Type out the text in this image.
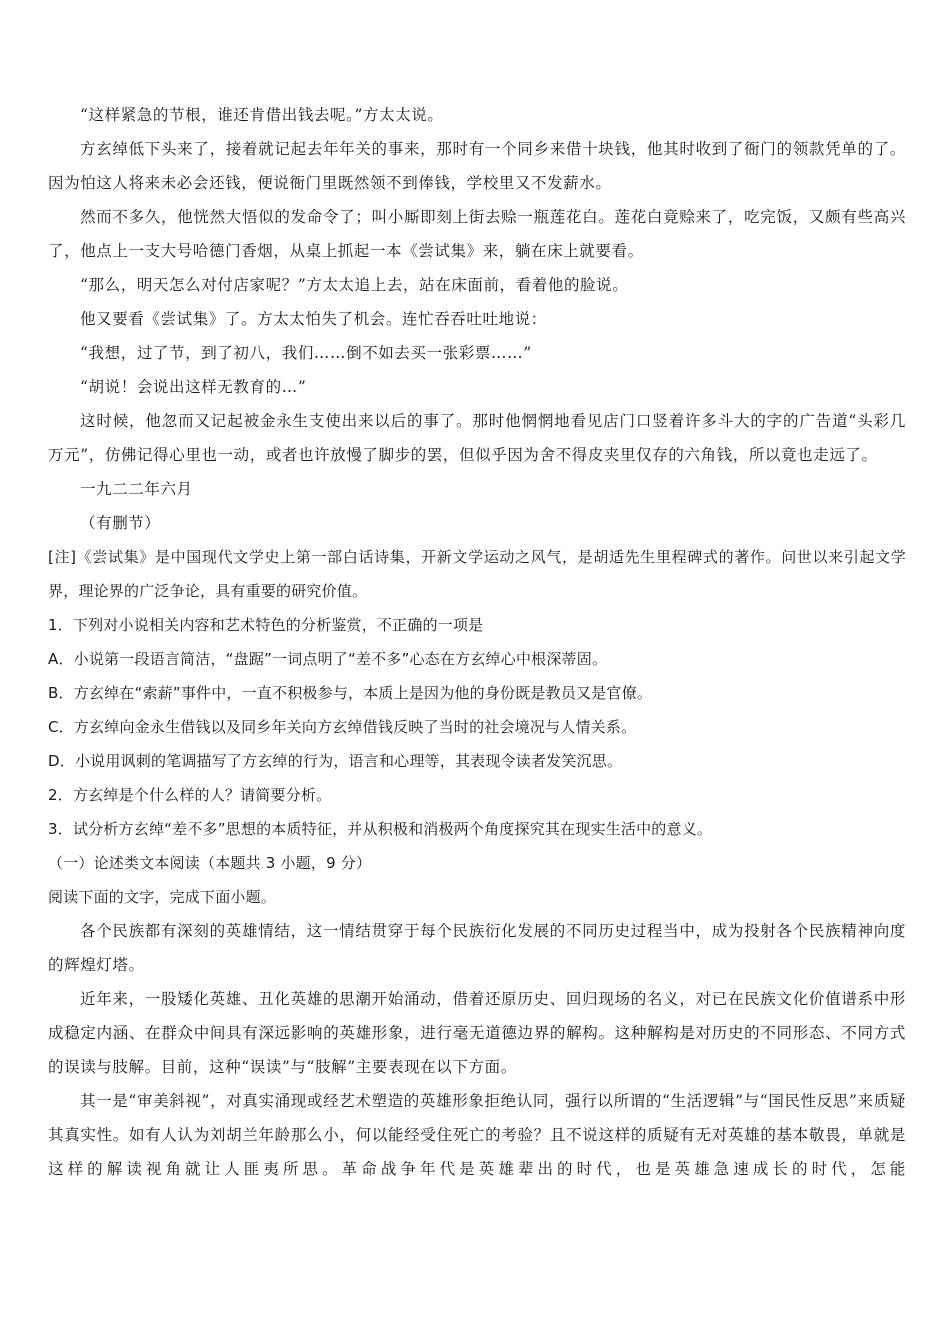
“这样紧急的节根，谁还肯借出钱去呢。”方太太说。
方玄绰低下头来了，接着就记起去年年关的事来，那时有一个同乡来借十块钱，他其时收到了衙门的领款凭单的了。因为怕这人将来未必会还钱，便说衙门里既然领不到俸钱，学校里又不发薪水。
然而不多久，他恍然大悟似的发命令了；叫小厮即刻上街去赊一瓶莲花白。莲花白竟赊来了，吃完饭，又颇有些高兴了，他点上一支大号哈德门香烟，从桌上抓起一本《尝试集》来，躺在床上就要看。
“那么，明天怎么对付店家呢？”方太太追上去，站在床面前，看着他的脸说。
他又要看《尝试集》了。方太太怕失了机会。连忙吞吞吐吐地说：
“我想，过了节，到了初八，我们……倒不如去买一张彩票……”
“胡说！会说出这样无教育的…”
这时候，他忽而又记起被金永生支使出来以后的事了。那时他惘惘地看见店门口竖着许多斗大的字的广告道“头彩几万元”，仿佛记得心里也一动，或者也许放慢了脚步的罢，但似乎因为舍不得皮夹里仅存的六角钱，所以竟也走远了。
一九二二年六月
（有删节）
[注]《尝试集》是中国现代文学史上第一部白话诗集，开新文学运动之风气，是胡适先生里程碑式的著作。问世以来引起文学界，理论界的广泛争论，具有重要的研究价值。
1．下列对小说相关内容和艺术特色的分析鉴赏，不正确的一项是
A．小说第一段语言简洁，“盘踞”一词点明了“差不多”心态在方玄绰心中根深蒂固。
B．方玄绰在“索薪”事件中，一直不积极参与，本质上是因为他的身份既是教员又是官僚。
C．方玄绰向金永生借钱以及同乡年关向方玄绰借钱反映了当时的社会境况与人情关系。
D．小说用讽刺的笔调描写了方玄绰的行为，语言和心理等，其表现令读者发笑沉思。
2．方玄绰是个什么样的人？请简要分析。
3．试分析方玄绰“差不多”思想的本质特征，并从积极和消极两个角度探究其在现实生活中的意义。
（一）论述类文本阅读（本题共 3 小题，9 分）
阅读下面的文字，完成下面小题。
各个民族都有深刻的英雄情结，这一情结贯穿于每个民族衍化发展的不同历史过程当中，成为投射各个民族精神向度的辉煌灯塔。
近年来，一股矮化英雄、丑化英雄的思潮开始涌动，借着还原历史、回归现场的名义，对已在民族文化价值谱系中形成稳定内涵、在群众中间具有深远影响的英雄形象，进行毫无道德边界的解构。这种解构是对历史的不同形态、不同方式的误读与肢解。目前，这种“误读”与“肢解”主要表现在以下方面。
其一是“审美斜视”，对真实涌现或经艺术塑造的英雄形象拒绝认同，强行以所谓的“生活逻辑”与“国民性反思”来质疑其真实性。如有人认为刘胡兰年龄那么小，何以能经受住死亡的考验？且不说这样的质疑有无对英雄的基本敬畏，单就是这样的解读视角就让人匪夷所思。革命战争年代是英雄辈出的时代，也是英雄急速成长的时代，怎能
